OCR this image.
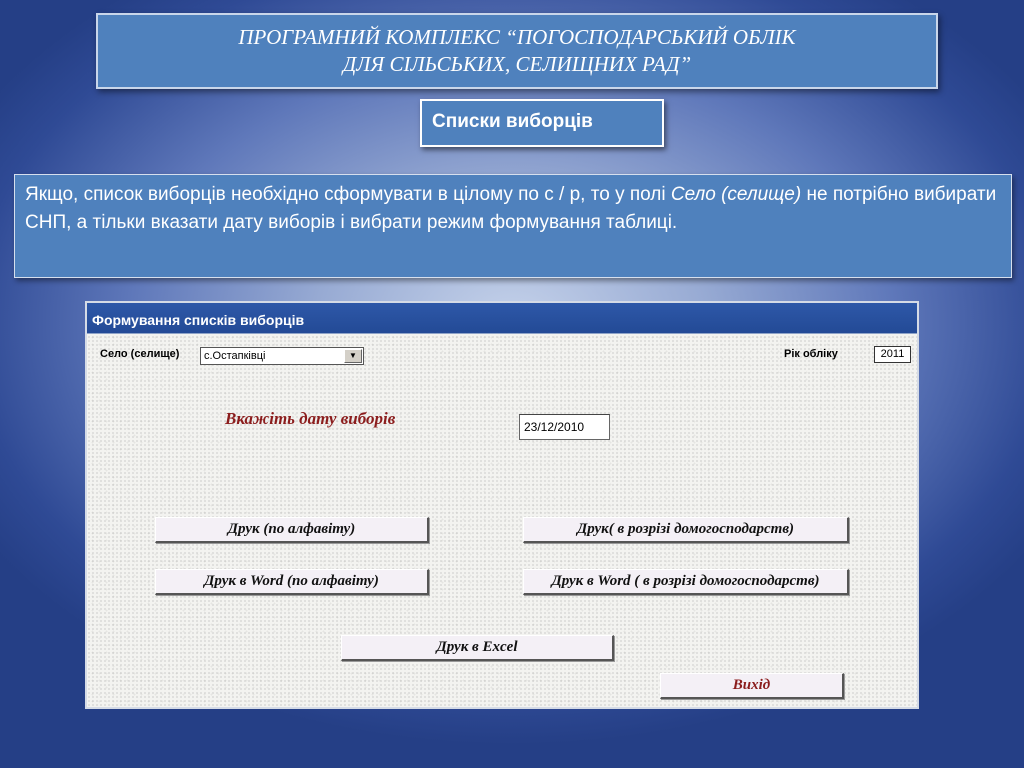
ПРОГРАМНИЙ КОМПЛЕКС “ПОГОСПОДАРСЬКИЙ ОБЛІК
ДЛЯ СІЛЬСЬКИХ, СЕЛИЩНИХ РАД”
Списки виборців
Якщо, список виборців необхідно сформувати в цілому по с / р, то у полі Село (селище) не потрібно вибирати СНП, а тільки вказати дату виборів і вибрати режим формування таблиці.
Формування списків виборців
Село (селище)	с.Остапківці	▼	Рік обліку	2011
Вкажіть дату виборів	23/12/2010
Друк (по алфавіту)	Друк( в розрізі домогосподарств)
Друк в Word (по алфавіту)	Друк в Word ( в розрізі домогосподарств)
Друк в Excel
Вихід
